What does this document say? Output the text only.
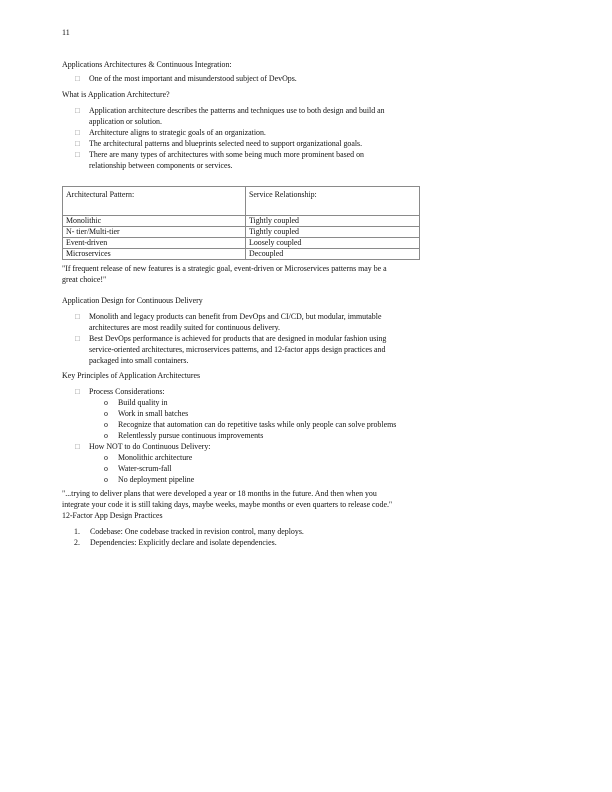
11
Applications Architectures & Continuous Integration:
□	One of the most important and misunderstood subject of DevOps.
What is Application Architecture?
□	Application architecture describes the patterns and techniques use to both design and build an
application or solution.
□	Architecture aligns to strategic goals of an organization.
□	The architectural patterns and blueprints selected need to support organizational goals.
□	There are many types of architectures with some being much more prominent based on
relationship between components or services.
Architectural Pattern:	Service Relationship:
Monolithic	Tightly coupled
N- tier/Multi-tier	Tightly coupled
Event-driven	Loosely coupled
Microservices	Decoupled
"If frequent release of new features is a strategic goal, event-driven or Microservices patterns may be a
great choice!"
Application Design for Continuous Delivery
□	Monolith and legacy products can benefit from DevOps and CI/CD, but modular, immutable
architectures are most readily suited for continuous delivery.
□	Best DevOps performance is achieved for products that are designed in modular fashion using
service-oriented architectures, microservices patterns, and 12-factor apps design practices and
packaged into small containers.
Key Principles of Application Architectures
□	Process Considerations:
o	Build quality in
o	Work in small batches
o	Recognize that automation can do repetitive tasks while only people can solve problems
o	Relentlessly pursue continuous improvements
□	How NOT to do Continuous Delivery:
o	Monolithic architecture
o	Water-scrum-fall
o	No deployment pipeline
"...trying to deliver plans that were developed a year or 18 months in the future. And then when you
integrate your code it is still taking days, maybe weeks, maybe months or even quarters to release code."
12-Factor App Design Practices
1. Codebase: One codebase tracked in revision control, many deploys.
2. Dependencies: Explicitly declare and isolate dependencies.
